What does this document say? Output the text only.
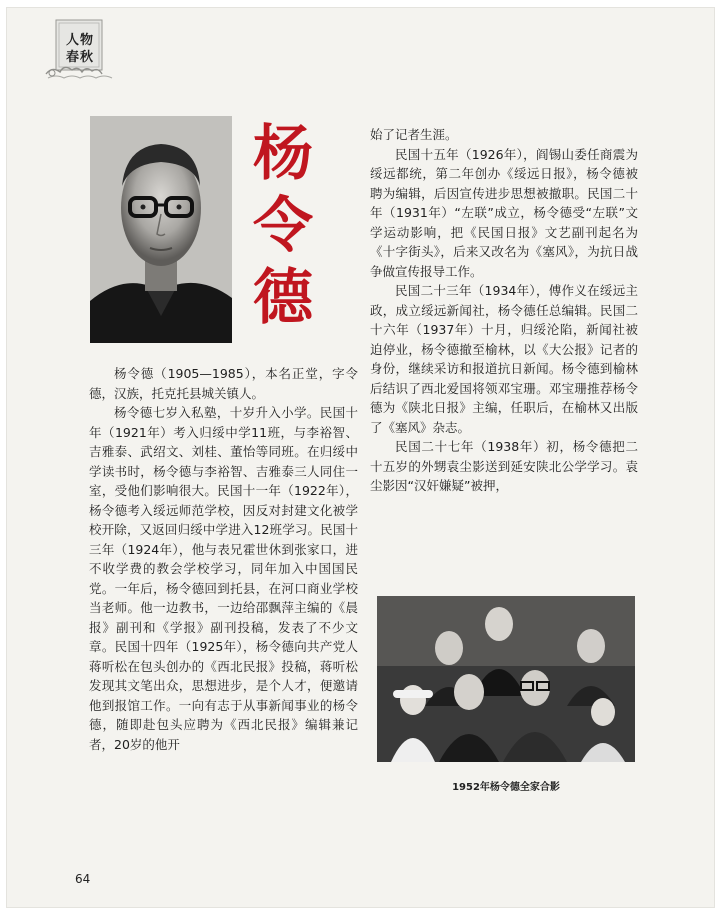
人物
春秋
杨
令
德

杨令德（1905—1985），本名正堂，字令德，汉族，托克托县城关镇人。

杨令德七岁入私塾，十岁升入小学。民国十年（1921年）考入归绥中学11班，与李裕智、吉雅泰、武绍文、刘桂、董怡等同班。在归绥中学读书时，杨令德与李裕智、吉雅泰三人同住一室，受他们影响很大。民国十一年（1922年），杨令德考入绥远师范学校，因反对封建文化被学校开除，又返回归绥中学进入12班学习。民国十三年（1924年），他与表兄霍世休到张家口，进不收学费的教会学校学习，同年加入中国国民党。一年后，杨令德回到托县，在河口商业学校当老师。他一边教书，一边给邵飘萍主编的《晨报》副刊和《学报》副刊投稿，发表了不少文章。民国十四年（1925年），杨令德向共产党人蒋听松在包头创办的《西北民报》投稿，蒋听松发现其文笔出众，思想进步，是个人才，便邀请他到报馆工作。一向有志于从事新闻事业的杨令德，随即赴包头应聘为《西北民报》编辑兼记者，20岁的他开

始了记者生涯。

民国十五年（1926年），阎锡山委任商震为绥远都统，第二年创办《绥远日报》，杨令德被聘为编辑，后因宣传进步思想被撤职。民国二十年（1931年）“左联”成立，杨令德受“左联”文学运动影响，把《民国日报》文艺副刊起名为《十字街头》，后来又改名为《塞风》，为抗日战争做宣传报导工作。

民国二十三年（1934年），傅作义在绥远主政，成立绥远新闻社，杨令德任总编辑。民国二十六年（1937年）十月，归绥沦陷，新闻社被迫停业，杨令德撤至榆林，以《大公报》记者的身份，继续采访和报道抗日新闻。杨令德到榆林后结识了西北爱国将领邓宝珊。邓宝珊推荐杨令德为《陕北日报》主编，任职后，在榆林又出版了《塞风》杂志。

民国二十七年（1938年）初，杨令德把二十五岁的外甥袁尘影送到延安陕北公学学习。袁尘影因“汉奸嫌疑”被押，

1952年杨令德全家合影
64
